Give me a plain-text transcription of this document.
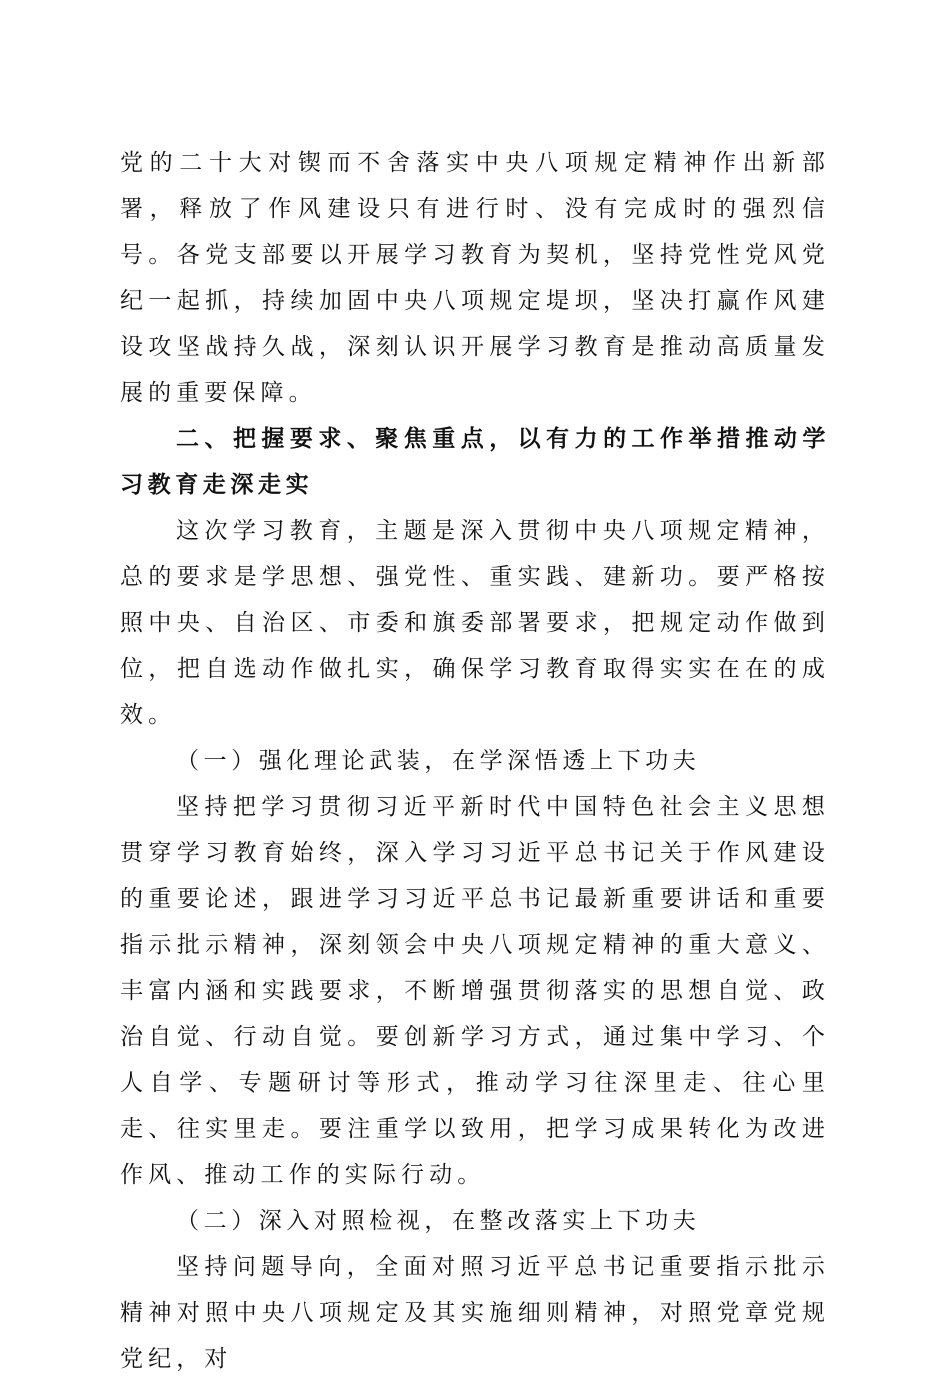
党的二十大对锲而不舍落实中央八项规定精神作出新部署，释放了作风建设只有进行时、没有完成时的强烈信号。各党支部要以开展学习教育为契机，坚持党性党风党纪一起抓，持续加固中央八项规定堤坝，坚决打赢作风建设攻坚战持久战，深刻认识开展学习教育是推动高质量发展的重要保障。

二、把握要求、聚焦重点，以有力的工作举措推动学习教育走深走实

这次学习教育，主题是深入贯彻中央八项规定精神，总的要求是学思想、强党性、重实践、建新功。要严格按照中央、自治区、市委和旗委部署要求，把规定动作做到位，把自选动作做扎实，确保学习教育取得实实在在的成效。

（一）强化理论武装，在学深悟透上下功夫

坚持把学习贯彻习近平新时代中国特色社会主义思想贯穿学习教育始终，深入学习习近平总书记关于作风建设的重要论述，跟进学习习近平总书记最新重要讲话和重要指示批示精神，深刻领会中央八项规定精神的重大意义、丰富内涵和实践要求，不断增强贯彻落实的思想自觉、政治自觉、行动自觉。要创新学习方式，通过集中学习、个人自学、专题研讨等形式，推动学习往深里走、往心里走、往实里走。要注重学以致用，把学习成果转化为改进作风、推动工作的实际行动。

（二）深入对照检视，在整改落实上下功夫

坚持问题导向，全面对照习近平总书记重要指示批示精神对照中央八项规定及其实施细则精神，对照党章党规党纪，对
